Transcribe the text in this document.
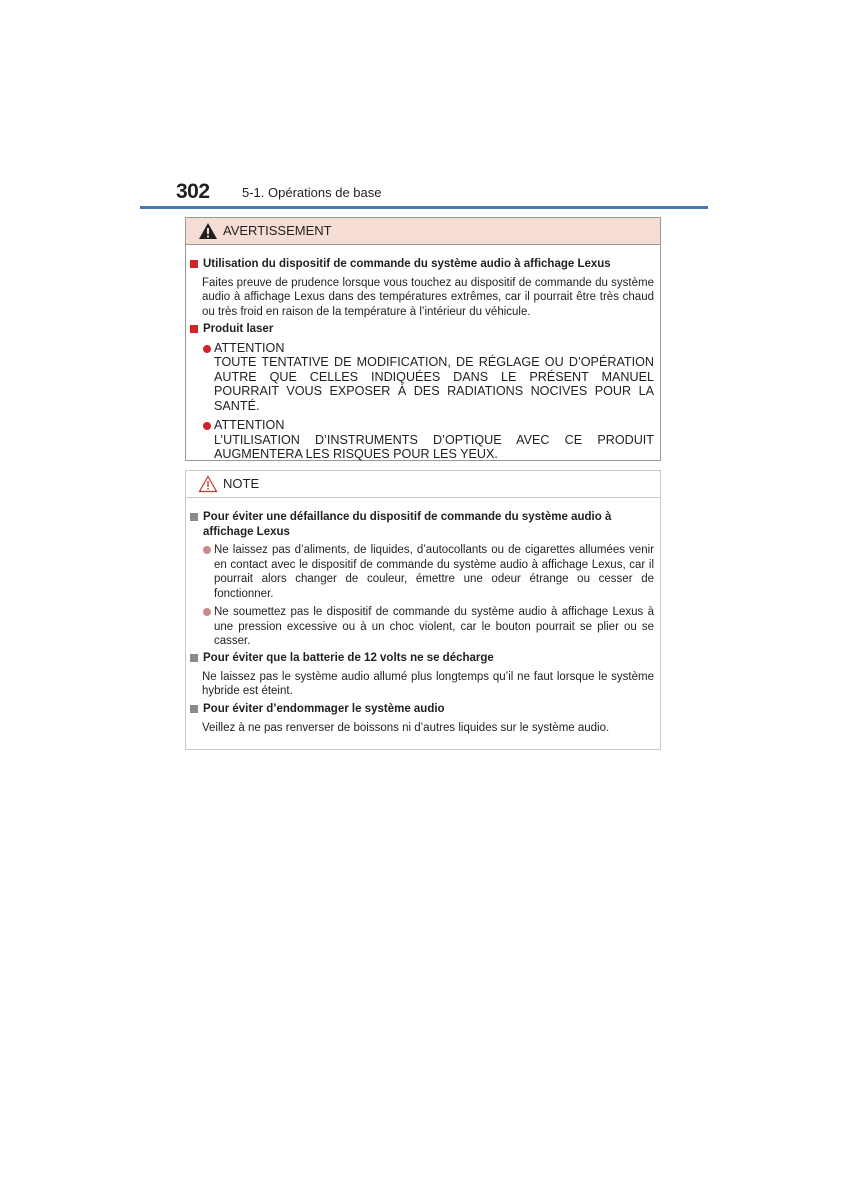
302 5-1. Opérations de base
AVERTISSEMENT
Utilisation du dispositif de commande du système audio à affichage Lexus
Faites preuve de prudence lorsque vous touchez au dispositif de commande du système audio à affichage Lexus dans des températures extrêmes, car il pourrait être très chaud ou très froid en raison de la température à l’intérieur du véhicule.
Produit laser
ATTENTION
TOUTE TENTATIVE DE MODIFICATION, DE RÉGLAGE OU D’OPÉRATION AUTRE QUE CELLES INDIQUÉES DANS LE PRÉSENT MANUEL POURRAIT VOUS EXPOSER À DES RADIATIONS NOCIVES POUR LA SANTÉ.
ATTENTION
L’UTILISATION D’INSTRUMENTS D’OPTIQUE AVEC CE PRODUIT AUGMENTERA LES RISQUES POUR LES YEUX.
NOTE
Pour éviter une défaillance du dispositif de commande du système audio à affichage Lexus
Ne laissez pas d’aliments, de liquides, d’autocollants ou de cigarettes allumées venir en contact avec le dispositif de commande du système audio à affichage Lexus, car il pourrait alors changer de couleur, émettre une odeur étrange ou cesser de fonctionner.
Ne soumettez pas le dispositif de commande du système audio à affichage Lexus à une pression excessive ou à un choc violent, car le bouton pourrait se plier ou se casser.
Pour éviter que la batterie de 12 volts ne se décharge
Ne laissez pas le système audio allumé plus longtemps qu’il ne faut lorsque le système hybride est éteint.
Pour éviter d’endommager le système audio
Veillez à ne pas renverser de boissons ni d’autres liquides sur le système audio.
